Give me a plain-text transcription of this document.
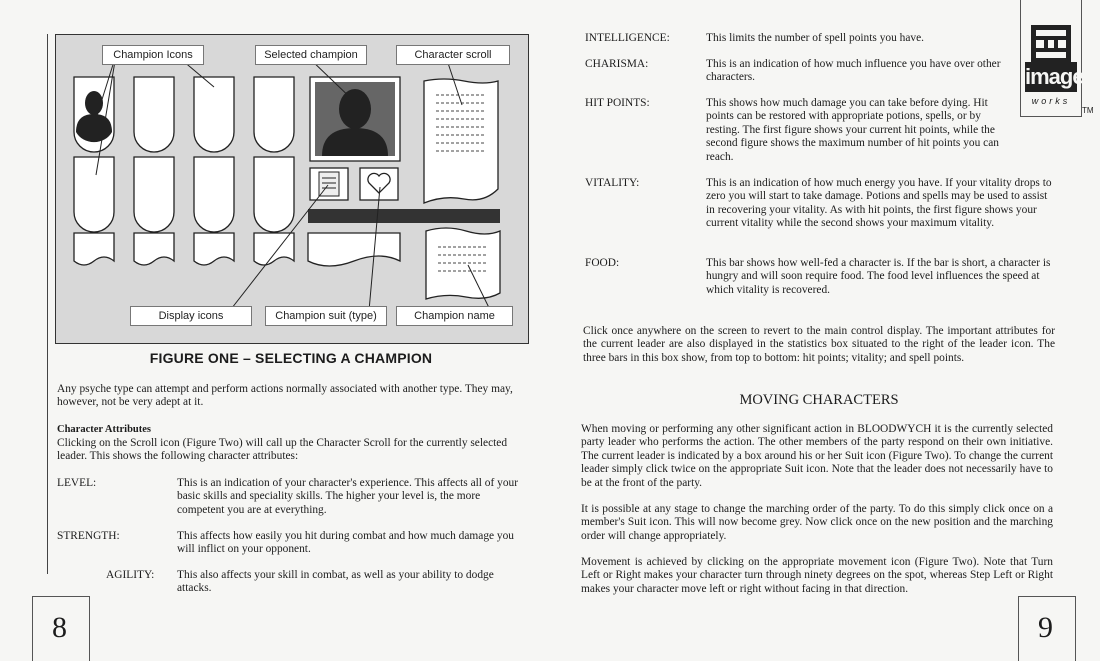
Champion Icons	Selected champion	Character scroll
Display icons	Champion suit (type)	Champion name
FIGURE ONE – SELECTING A CHAMPION
Any psyche type can attempt and perform actions normally associated with another type. They may, however, not be very adept at it.
Character Attributes
Clicking on the Scroll icon (Figure Two) will call up the Character Scroll for the currently selected leader. This shows the following character attributes:
LEVEL:	This is an indication of your character's experience. This affects all of your basic skills and speciality skills. The higher your level is, the more competent you are at everything.
STRENGTH:	This affects how easily you hit during combat and how much damage you will inflict on your opponent.
AGILITY: This also affects your skill in combat, as well as your ability to dodge attacks.
8
INTELLIGENCE:	This limits the number of spell points you have.
CHARISMA:	This is an indication of how much influence you have over other characters.
HIT POINTS:	This shows how much damage you can take before dying. Hit points can be restored with appropriate potions, spells, or by resting. The first figure shows your current hit points, while the second figure shows the maximum number of hit points you can reach.
VITALITY:	This is an indication of how much energy you have. If your vitality drops to zero you will start to take damage. Potions and spells may be used to assist in recovering your vitality. As with hit points, the first figure shows your current vitality while the second shows your maximum vitality.
FOOD:	This bar shows how well-fed a character is. If the bar is short, a character is hungry and will soon require food. The food level influences the speed at which vitality is recovered.
Click once anywhere on the screen to revert to the main control display. The important attributes for the current leader are also displayed in the statistics box situated to the right of the leader icon. The three bars in this box show, from top to bottom: hit points; vitality; and spell points.
MOVING CHARACTERS
When moving or performing any other significant action in BLOODWYCH it is the currently selected party leader who performs the action. The other members of the party respond on their own initiative. The current leader is indicated by a box around his or her Suit icon (Figure Two). To change the current leader simply click twice on the appropriate Suit icon. Note that the leader does not necessarily have to be at the front of the party.
It is possible at any stage to change the marching order of the party. To do this simply click once on a member's Suit icon. This will now become grey. Now click once on the new position and the marching order will change appropriately.
Movement is achieved by clicking on the appropriate movement icon (Figure Two). Note that Turn Left or Right makes your character turn through ninety degrees on the spot, whereas Step Left or Right makes your character move left or right without facing in that direction.
image
works
TM
9
